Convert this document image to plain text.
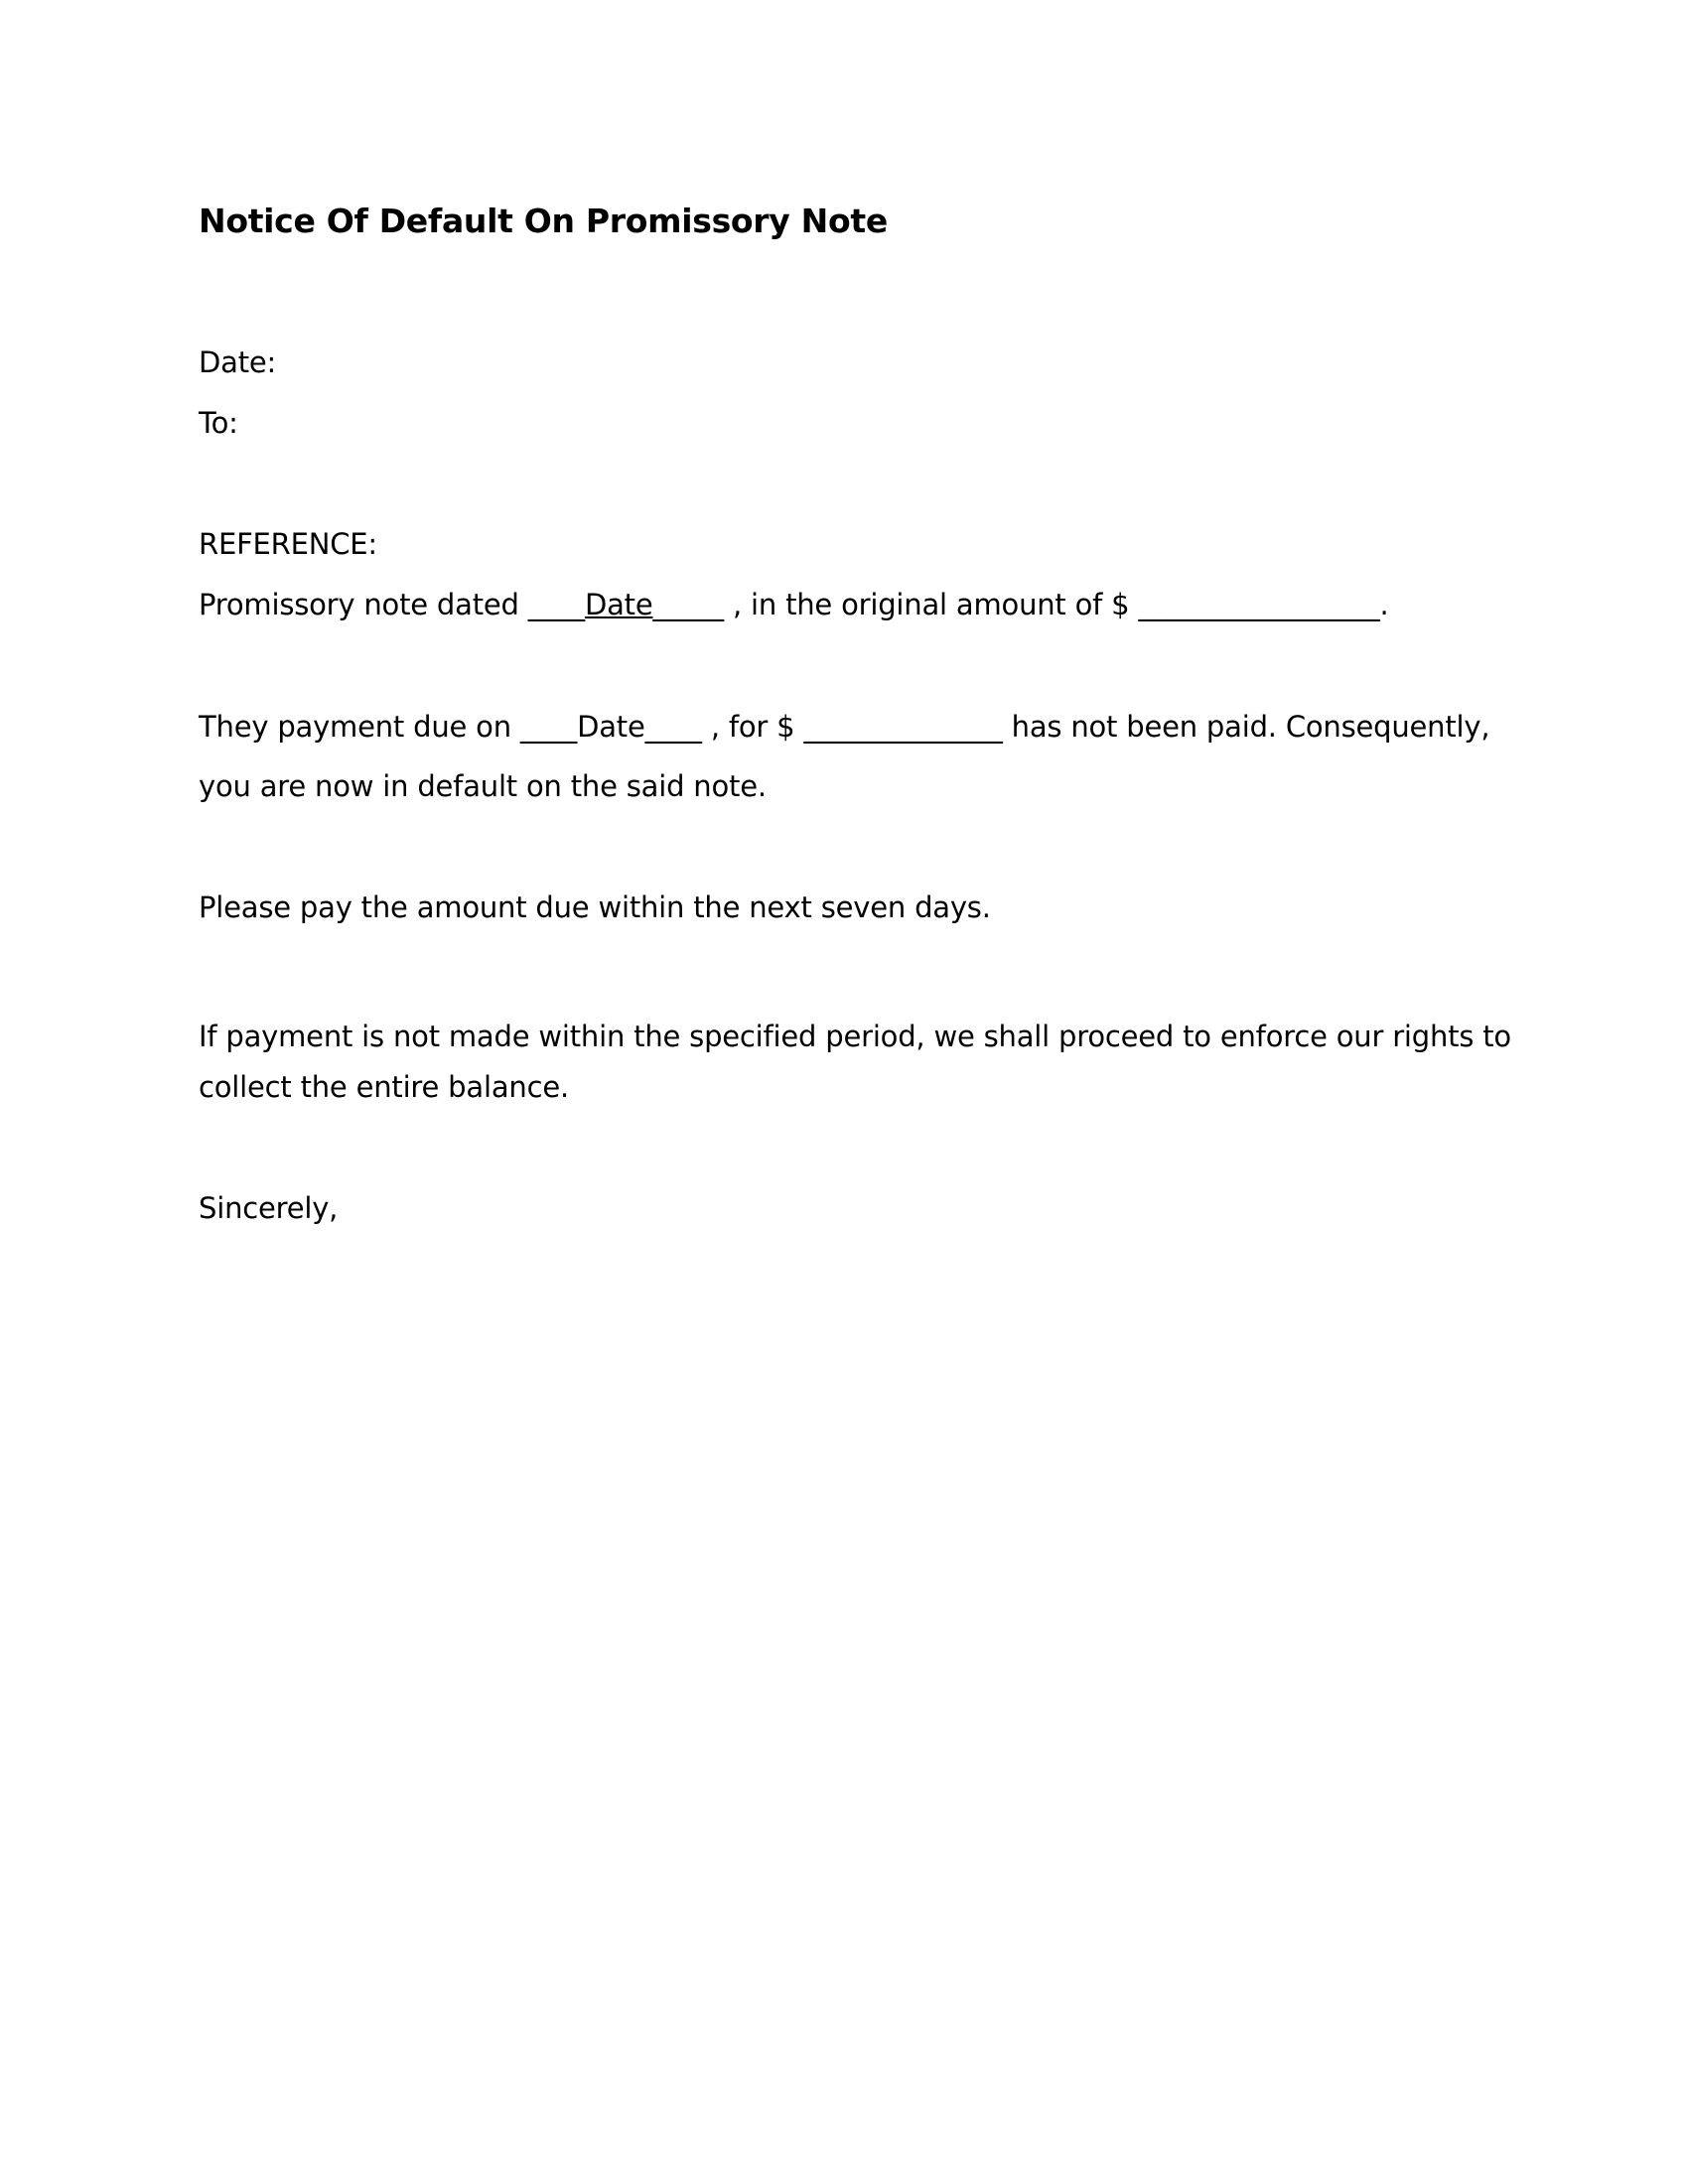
Notice Of Default On Promissory Note
Date:
To:
REFERENCE:
Promissory note dated ____Date_____ , in the original amount of $ _________________.
They payment due on ____Date____ , for $ ______________ has not been paid. Consequently,
you are now in default on the said note.
Please pay the amount due within the next seven days.
If payment is not made within the specified period, we shall proceed to enforce our rights to
collect the entire balance.
Sincerely,
